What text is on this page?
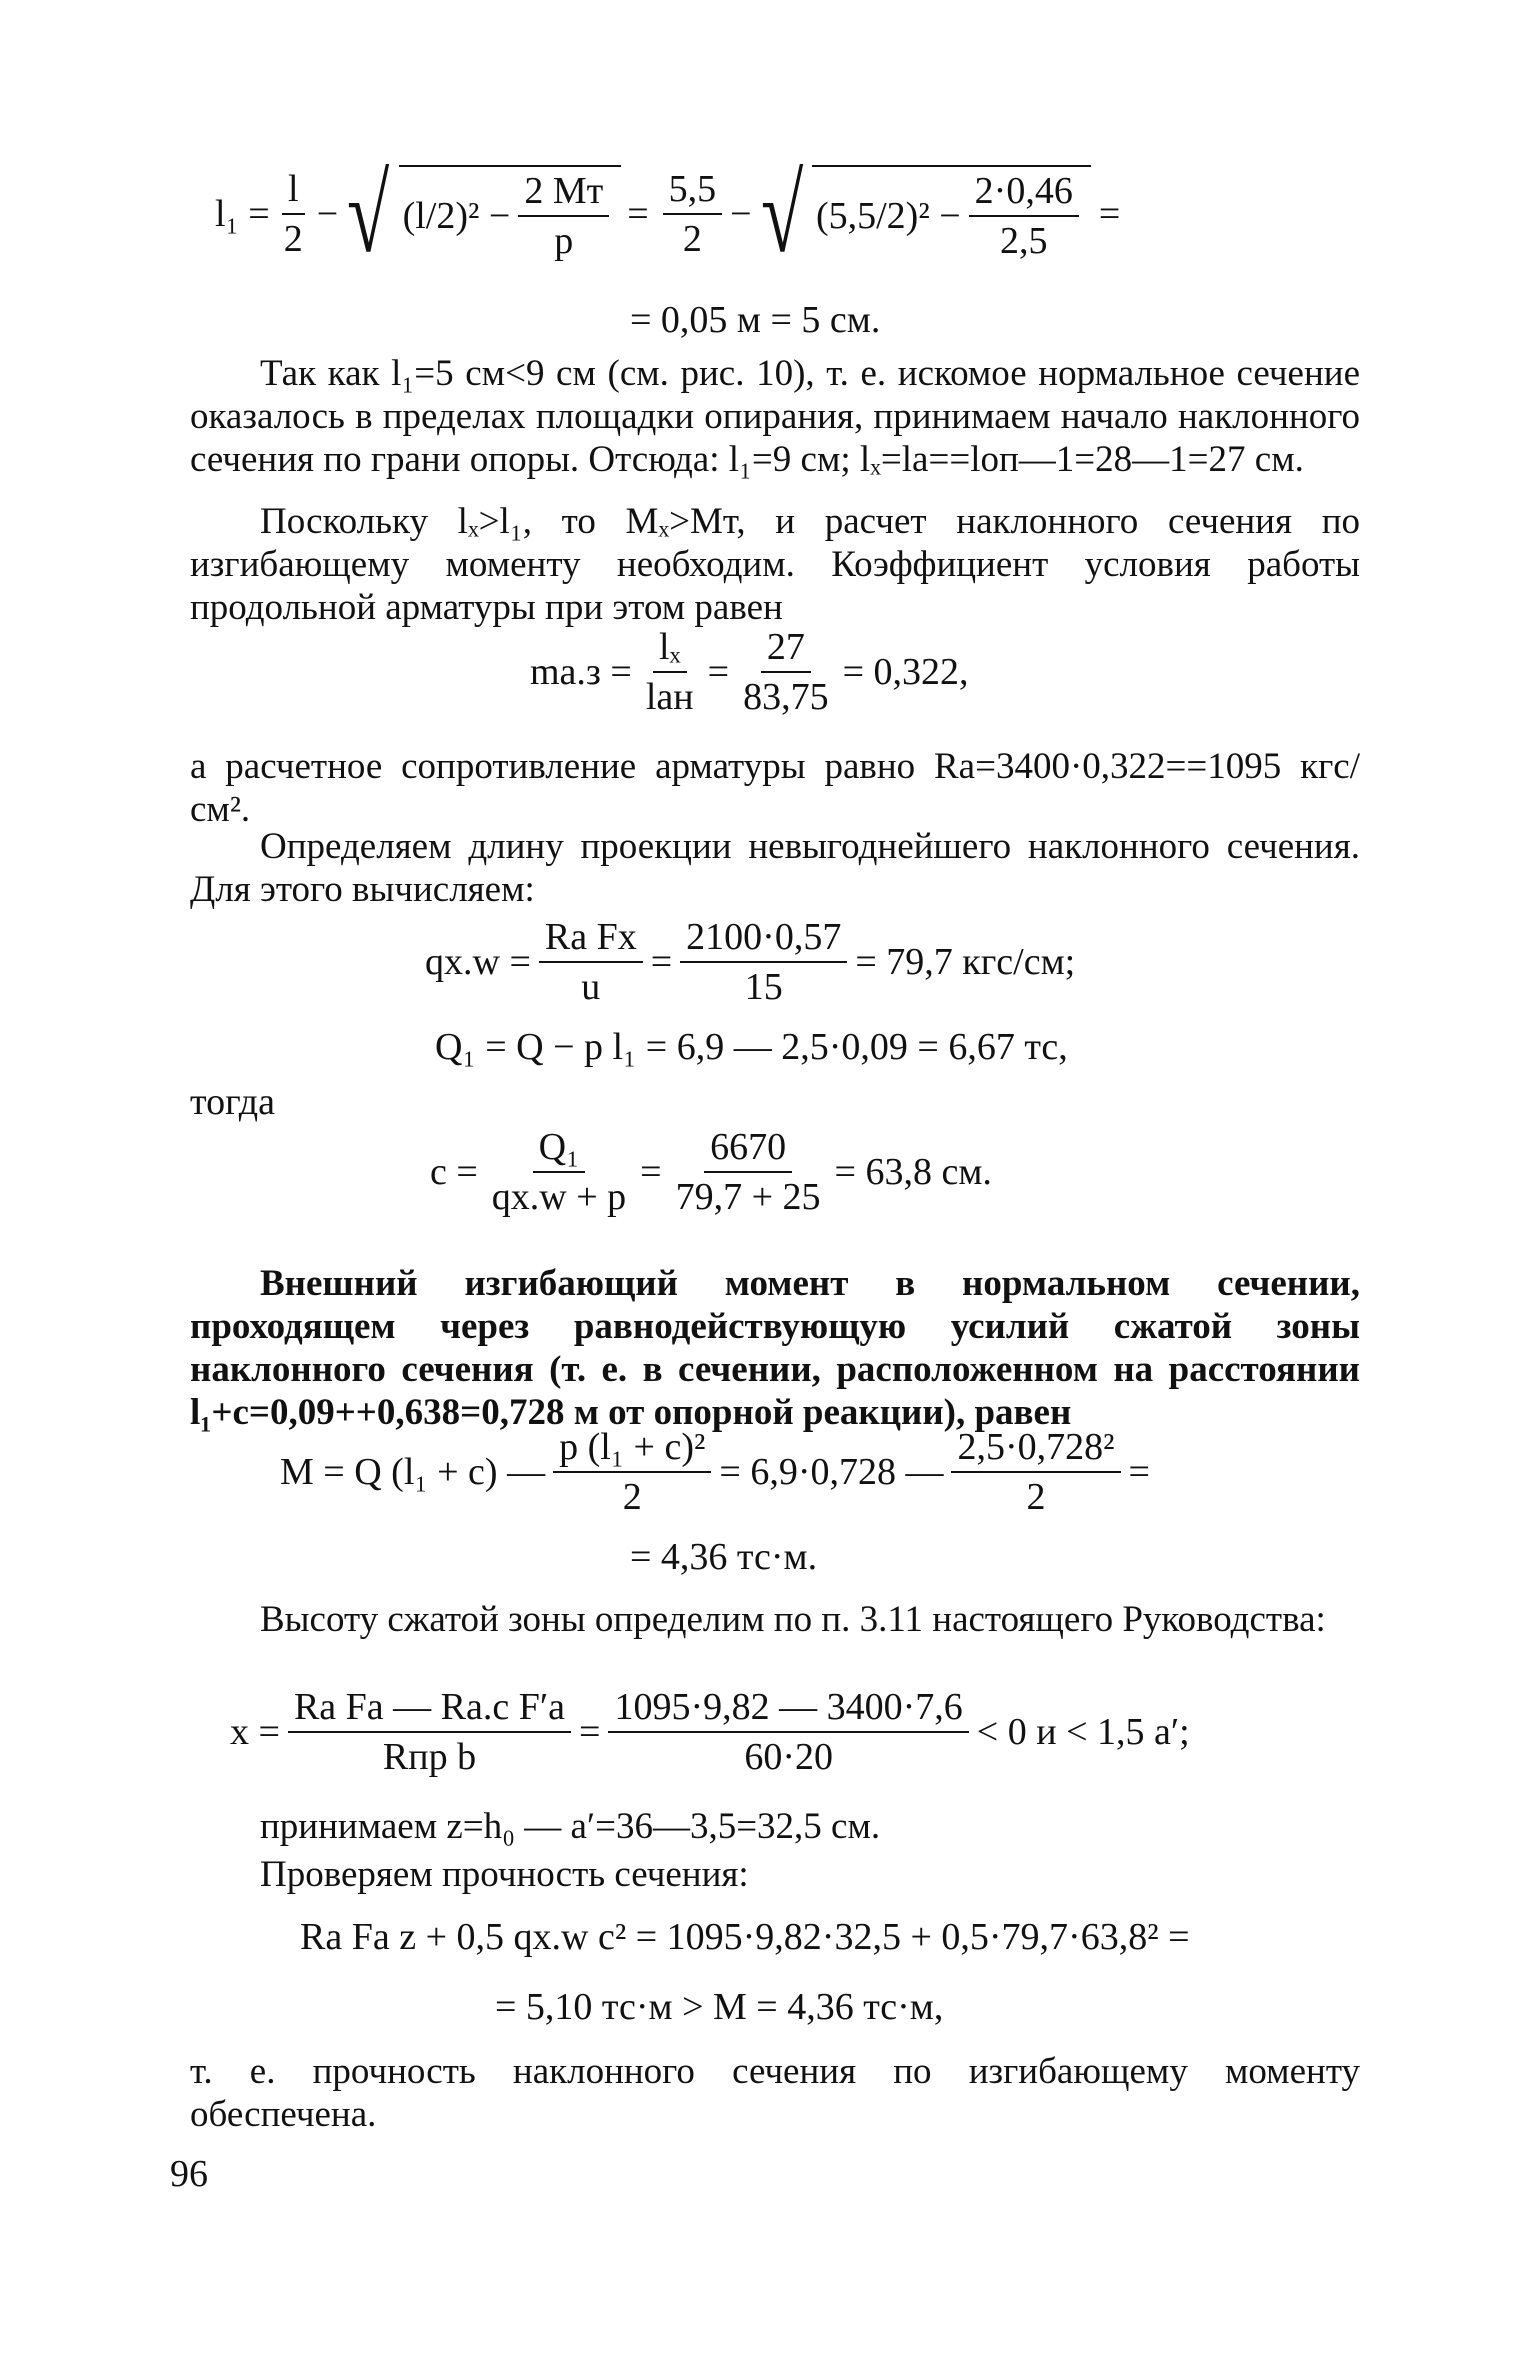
$l_1 = \frac{l}{2}$ − √ $(l/2)^2 - \frac{2 Mт}{p} = \frac{5,5}{2}$ − √ $(5,5/2)^2 - \frac{2\cdot 0,46}{2,5}$ =
= 0,05 м = 5 см.
Так как l₁=5 см<9 см (см. рис. 10), т. е. искомое нормальное сечение оказалось в пределах площадки опирания, принимаем начало наклонного сечения по грани опоры. Отсюда: l₁=9 см; lₓ=lа==lоп—1=28—1=27 см.
Поскольку lₓ>l₁, то Mₓ>Mт, и расчет наклонного сечения по изгибающему моменту необходим. Коэффициент условия работы продольной арматуры при этом равен
$mа.з = \frac{\text{lₓ}}{\text{lан}} = \frac{27}{83,75} = 0,322$,
а расчетное сопротивление арматуры равно Rа=3400·0,322==1095 кгс/см².
Определяем длину проекции невыгоднейшего наклонного сечения. Для этого вычисляем:
$qх.w = \frac{\text{Rа Fх}}{u} = \frac{2100\cdot 0,57}{15} = 79,7$ кгс/см;
Q₁ = Q − p l₁ = 6,9 — 2,5·0,09 = 6,67 тс,
тогда
$c = \frac{\text{Q₁}}{qх.w + p} = \frac{6670}{79,7 + 25} = 63,8$ см.
Внешний изгибающий момент в нормальном сечении, проходящем через равнодействующую усилий сжатой зоны наклонного сечения (т. е. в сечении, расположенном на расстоянии l₁+c=0,09++0,638=0,728 м от опорной реакции), равен
M = Q (l₁ + c) — $\frac{\text{p (l₁ + c)²}}{2} = 6,9\cdot 0,728$ — $\frac{\text{2,5·0,728²}}{2}$ =
= 4,36 тс·м.
Высоту сжатой зоны определим по п. 3.11 настоящего Руководства:
$x = \frac{\text{Rа Fа — Rа.с F′а}}{\text{Rпр b}} = \frac{1095\cdot 9,82 — 3400\cdot 7,6}{60\cdot 20} < 0$ и < 1,5 a′;
принимаем z=h₀ — a′=36—3,5=32,5 см.
Проверяем прочность сечения:
Rа Fа z + 0,5 qх.w c² = 1095·9,82·32,5 + 0,5·79,7·63,8² =
= 5,10 тс·м > M = 4,36 тс·м,
т. е. прочность наклонного сечения по изгибающему моменту обеспечена.
96
